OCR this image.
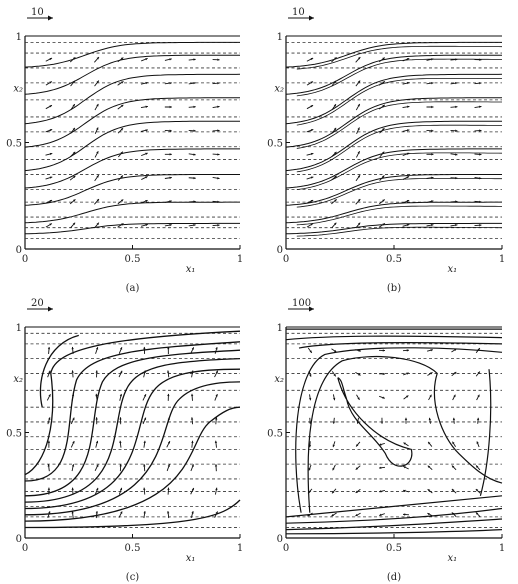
0	0.5	1
0
0.5
1
x₁
x₂
(a)
10
0	0.5	1
0
0.5
1
x₁
x₂
(b)
10
0	0.5	1
0
0.5
1
x₁
x₂
(c)
20
0	0.5	1
0
0.5
1
x₁
x₂
(d)
100
